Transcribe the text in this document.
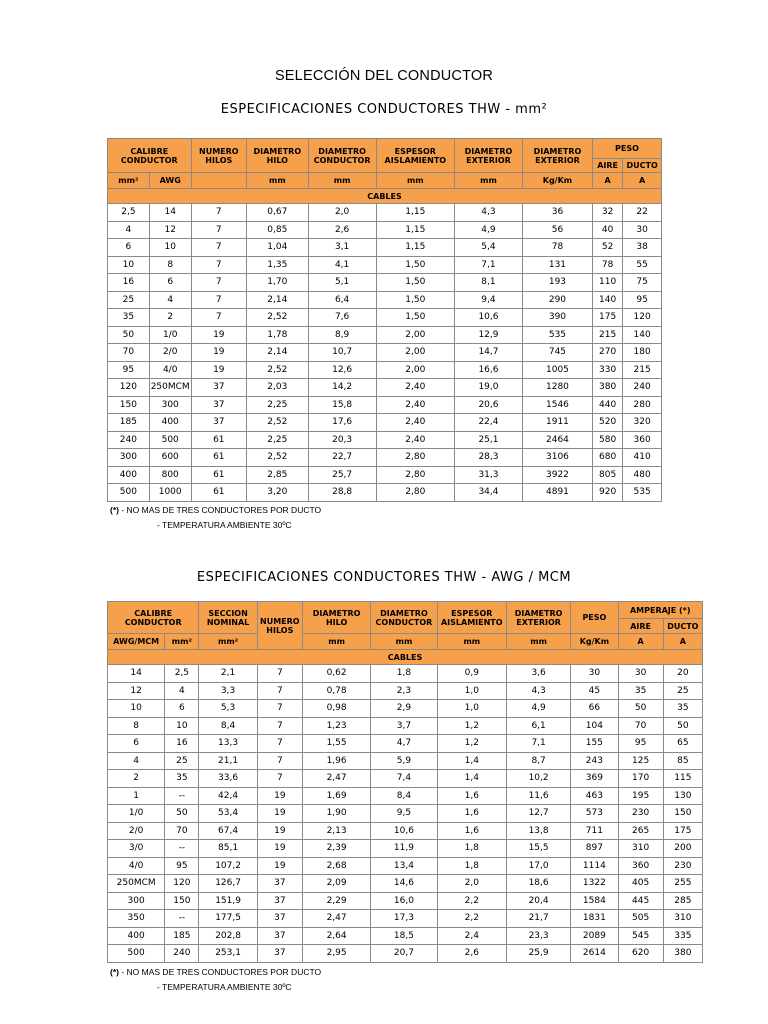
SELECCIÓN DEL CONDUCTOR
ESPECIFICACIONES CONDUCTORES THW - mm²
CALIBRE CONDUCTOR		NUMERO HILOS	DIAMETRO HILO	DIAMETRO CONDUCTOR	ESPESOR AISLAMIENTO	DIAMETRO EXTERIOR	DIAMETRO EXTERIOR	PESO	
								AIRE	DUCTO
mm²	AWG		mm	mm	mm	mm	Kg/Km	A	A
CABLES									
2,5	14	7	0,67	2,0	1,15	4,3	36	32	22
4	12	7	0,85	2,6	1,15	4,9	56	40	30
6	10	7	1,04	3,1	1,15	5,4	78	52	38
10	8	7	1,35	4,1	1,50	7,1	131	78	55
16	6	7	1,70	5,1	1,50	8,1	193	110	75
25	4	7	2,14	6,4	1,50	9,4	290	140	95
35	2	7	2,52	7,6	1,50	10,6	390	175	120
50	1/0	19	1,78	8,9	2,00	12,9	535	215	140
70	2/0	19	2,14	10,7	2,00	14,7	745	270	180
95	4/0	19	2,52	12,6	2,00	16,6	1005	330	215
120	250MCM	37	2,03	14,2	2,40	19,0	1280	380	240
150	300	37	2,25	15,8	2,40	20,6	1546	440	280
185	400	37	2,52	17,6	2,40	22,4	1911	520	320
240	500	61	2,25	20,3	2,40	25,1	2464	580	360
300	600	61	2,52	22,7	2,80	28,3	3106	680	410
400	800	61	2,85	25,7	2,80	31,3	3922	805	480
500	1000	61	3,20	28,8	2,80	34,4	4891	920	535
(*) - NO MAS DE TRES CONDUCTORES POR DUCTO
- TEMPERATURA AMBIENTE 30ºC
ESPECIFICACIONES CONDUCTORES THW - AWG / MCM
CALIBRE CONDUCTOR		SECCION NOMINAL	NUMERO HILOS	DIAMETRO HILO	DIAMETRO CONDUCTOR	ESPESOR AISLAMIENTO	DIAMETRO EXTERIOR	PESO	AMPERAJE (*)	
									AIRE	DUCTO
AWG/MCM	mm²	mm²		mm	mm	mm	mm	Kg/Km	A	A
CABLES										
14	2,5	2,1	7	0,62	1,8	0,9	3,6	30	30	20
12	4	3,3	7	0,78	2,3	1,0	4,3	45	35	25
10	6	5,3	7	0,98	2,9	1,0	4,9	66	50	35
8	10	8,4	7	1,23	3,7	1,2	6,1	104	70	50
6	16	13,3	7	1,55	4,7	1,2	7,1	155	95	65
4	25	21,1	7	1,96	5,9	1,4	8,7	243	125	85
2	35	33,6	7	2,47	7,4	1,4	10,2	369	170	115
1	--	42,4	19	1,69	8,4	1,6	11,6	463	195	130
1/0	50	53,4	19	1,90	9,5	1,6	12,7	573	230	150
2/0	70	67,4	19	2,13	10,6	1,6	13,8	711	265	175
3/0	--	85,1	19	2,39	11,9	1,8	15,5	897	310	200
4/0	95	107,2	19	2,68	13,4	1,8	17,0	1114	360	230
250MCM	120	126,7	37	2,09	14,6	2,0	18,6	1322	405	255
300	150	151,9	37	2,29	16,0	2,2	20,4	1584	445	285
350	--	177,5	37	2,47	17,3	2,2	21,7	1831	505	310
400	185	202,8	37	2,64	18,5	2,4	23,3	2089	545	335
500	240	253,1	37	2,95	20,7	2,6	25,9	2614	620	380
(*) - NO MAS DE TRES CONDUCTORES POR DUCTO
- TEMPERATURA AMBIENTE 30ºC
